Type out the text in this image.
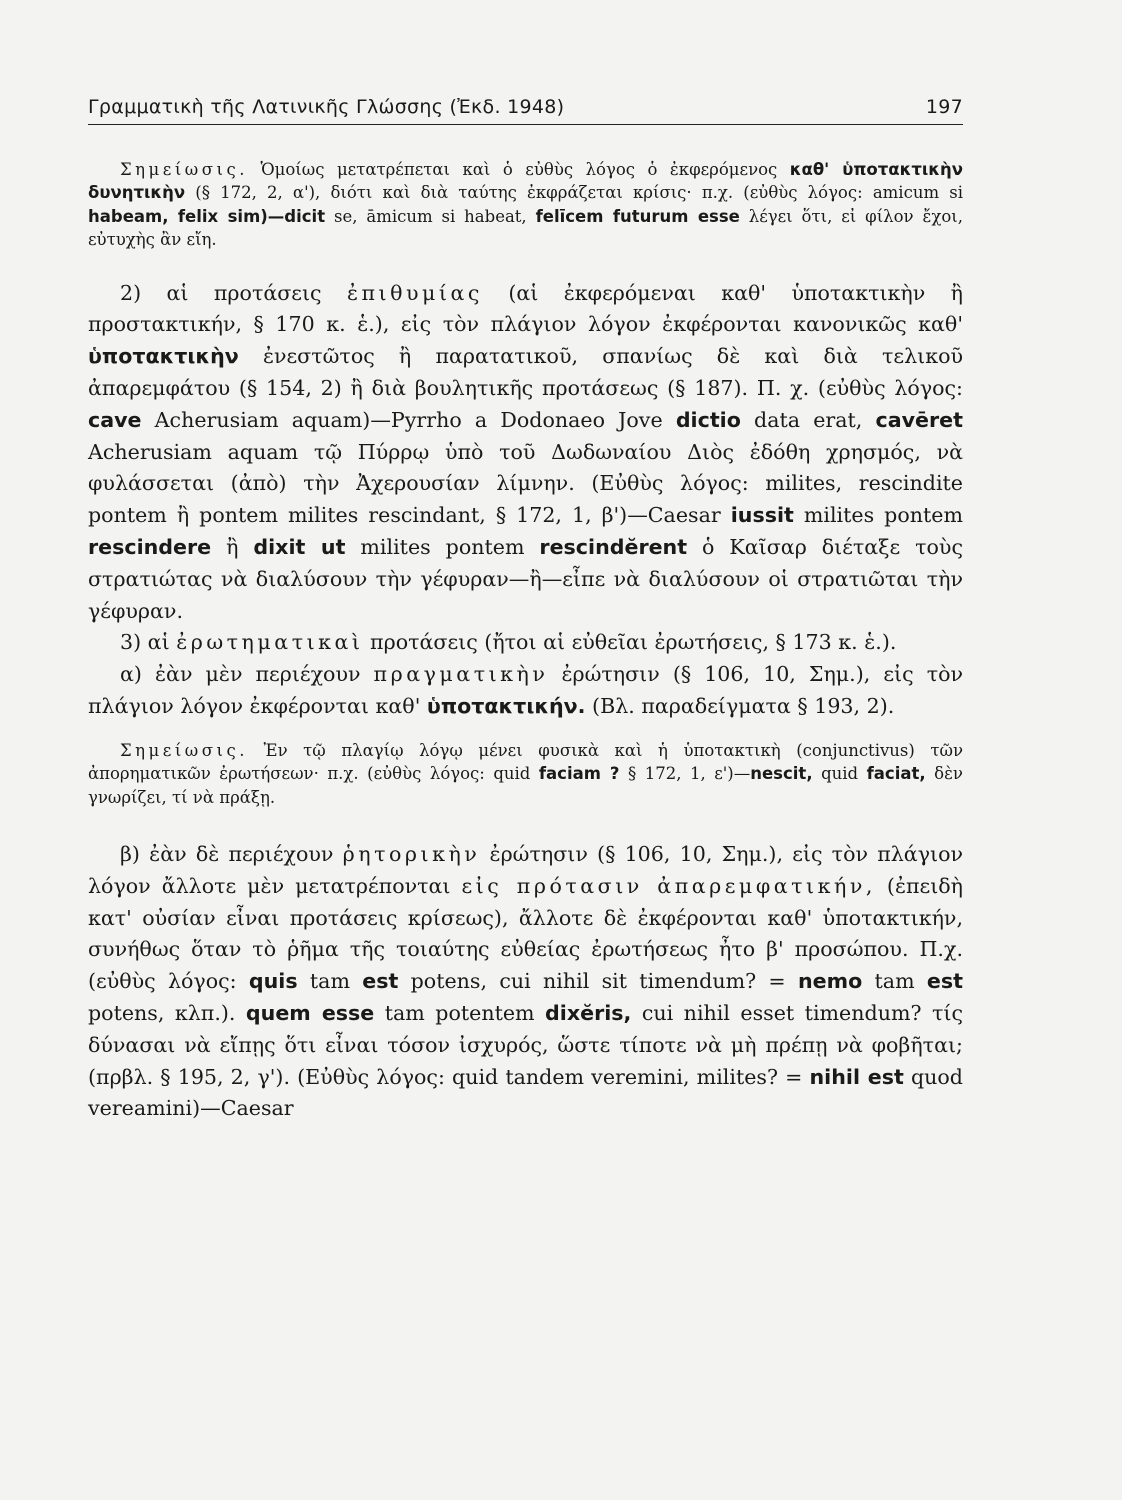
Γραμματικὴ τῆς Λατινικῆς Γλώσσης (Ἐκδ. 1948)	197

Σημείωσις. Ὁμοίως μετατρέπεται καὶ ὁ εὐθὺς λόγος ὁ ἐκφερόμενος καθ' ὑποτακτικὴν δυνητικὴν (§ 172, 2, α'), διότι καὶ διὰ ταύτης ἐκφράζεται κρίσις· π.χ. (εὐθὺς λόγος: amicum si habeam, felix sim)—dicit se, āmicum si habeat, felīcem futurum esse λέγει ὅτι, εἰ φίλον ἔχοι, εὐτυχὴς ἂν εἴη.

2) αἱ προτάσεις ἐπιθυμίας (αἱ ἐκφερόμεναι καθ' ὑποτακτικὴν ἢ προστακτικήν, § 170 κ. ἑ.), εἰς τὸν πλάγιον λόγον ἐκφέρονται κανονικῶς καθ' ὑποτακτικὴν ἐνεστῶτος ἢ παρατατικοῦ, σπανίως δὲ καὶ διὰ τελικοῦ ἀπαρεμφάτου (§ 154, 2) ἢ διὰ βουλητικῆς προτάσεως (§ 187). Π. χ. (εὐθὺς λόγος: cave Acherusiam aquam)—Pyrrho a Dodonaeo Jove dictio data erat, cavēret Acherusiam aquam τῷ Πύρρῳ ὑπὸ τοῦ Δωδωναίου Διὸς ἐδόθη χρησμός, νὰ φυλάσσεται (ἀπὸ) τὴν Ἀχερουσίαν λίμνην. (Εὐθὺς λόγος: milites, rescindite pontem ἢ pontem milites rescindant, § 172, 1, β')—Caesar iussit milites pontem rescindere ἢ dixit ut milites pontem rescindĕrent ὁ Καῖσαρ διέταξε τοὺς στρατιώτας νὰ διαλύσουν τὴν γέφυραν—ἢ—εἶπε νὰ διαλύσουν οἱ στρατιῶται τὴν γέφυραν.

3) αἱ ἐρωτηματικαὶ προτάσεις (ἤτοι αἱ εὐθεῖαι ἐρωτήσεις, § 173 κ. ἑ.).

α) ἐὰν μὲν περιέχουν πραγματικὴν ἐρώτησιν (§ 106, 10, Σημ.), εἰς τὸν πλάγιον λόγον ἐκφέρονται καθ' ὑποτακτικήν. (Βλ. παραδείγματα § 193, 2).

Σημείωσις. Ἐν τῷ πλαγίῳ λόγῳ μένει φυσικὰ καὶ ἡ ὑποτακτικὴ (conjunctivus) τῶν ἀπορηματικῶν ἐρωτήσεων· π.χ. (εὐθὺς λόγος: quid faciam ? § 172, 1, ε')—nescit, quid faciat, δὲν γνωρίζει, τί νὰ πράξῃ.

β) ἐὰν δὲ περιέχουν ῥητορικὴν ἐρώτησιν (§ 106, 10, Σημ.), εἰς τὸν πλάγιον λόγον ἄλλοτε μὲν μετατρέπονται εἰς πρότασιν ἀπαρεμφατικήν, (ἐπειδὴ κατ' οὐσίαν εἶναι προτάσεις κρίσεως), ἄλλοτε δὲ ἐκφέρονται καθ' ὑποτακτικήν, συνήθως ὅταν τὸ ῥῆμα τῆς τοιαύτης εὐθείας ἐρωτήσεως ἦτο β' προσώπου. Π.χ. (εὐθὺς λόγος: quis tam est potens, cui nihil sit timendum? = nemo tam est potens, κλπ.). quem esse tam potentem dixĕris, cui nihil esset timendum? τίς δύνασαι νὰ εἴπῃς ὅτι εἶναι τόσον ἰσχυρός, ὥστε τίποτε νὰ μὴ πρέπῃ νὰ φοβῆται; (πρβλ. § 195, 2, γ'). (Εὐθὺς λόγος: quid tandem veremini, milites? = nihil est quod vereamini)—Caesar
